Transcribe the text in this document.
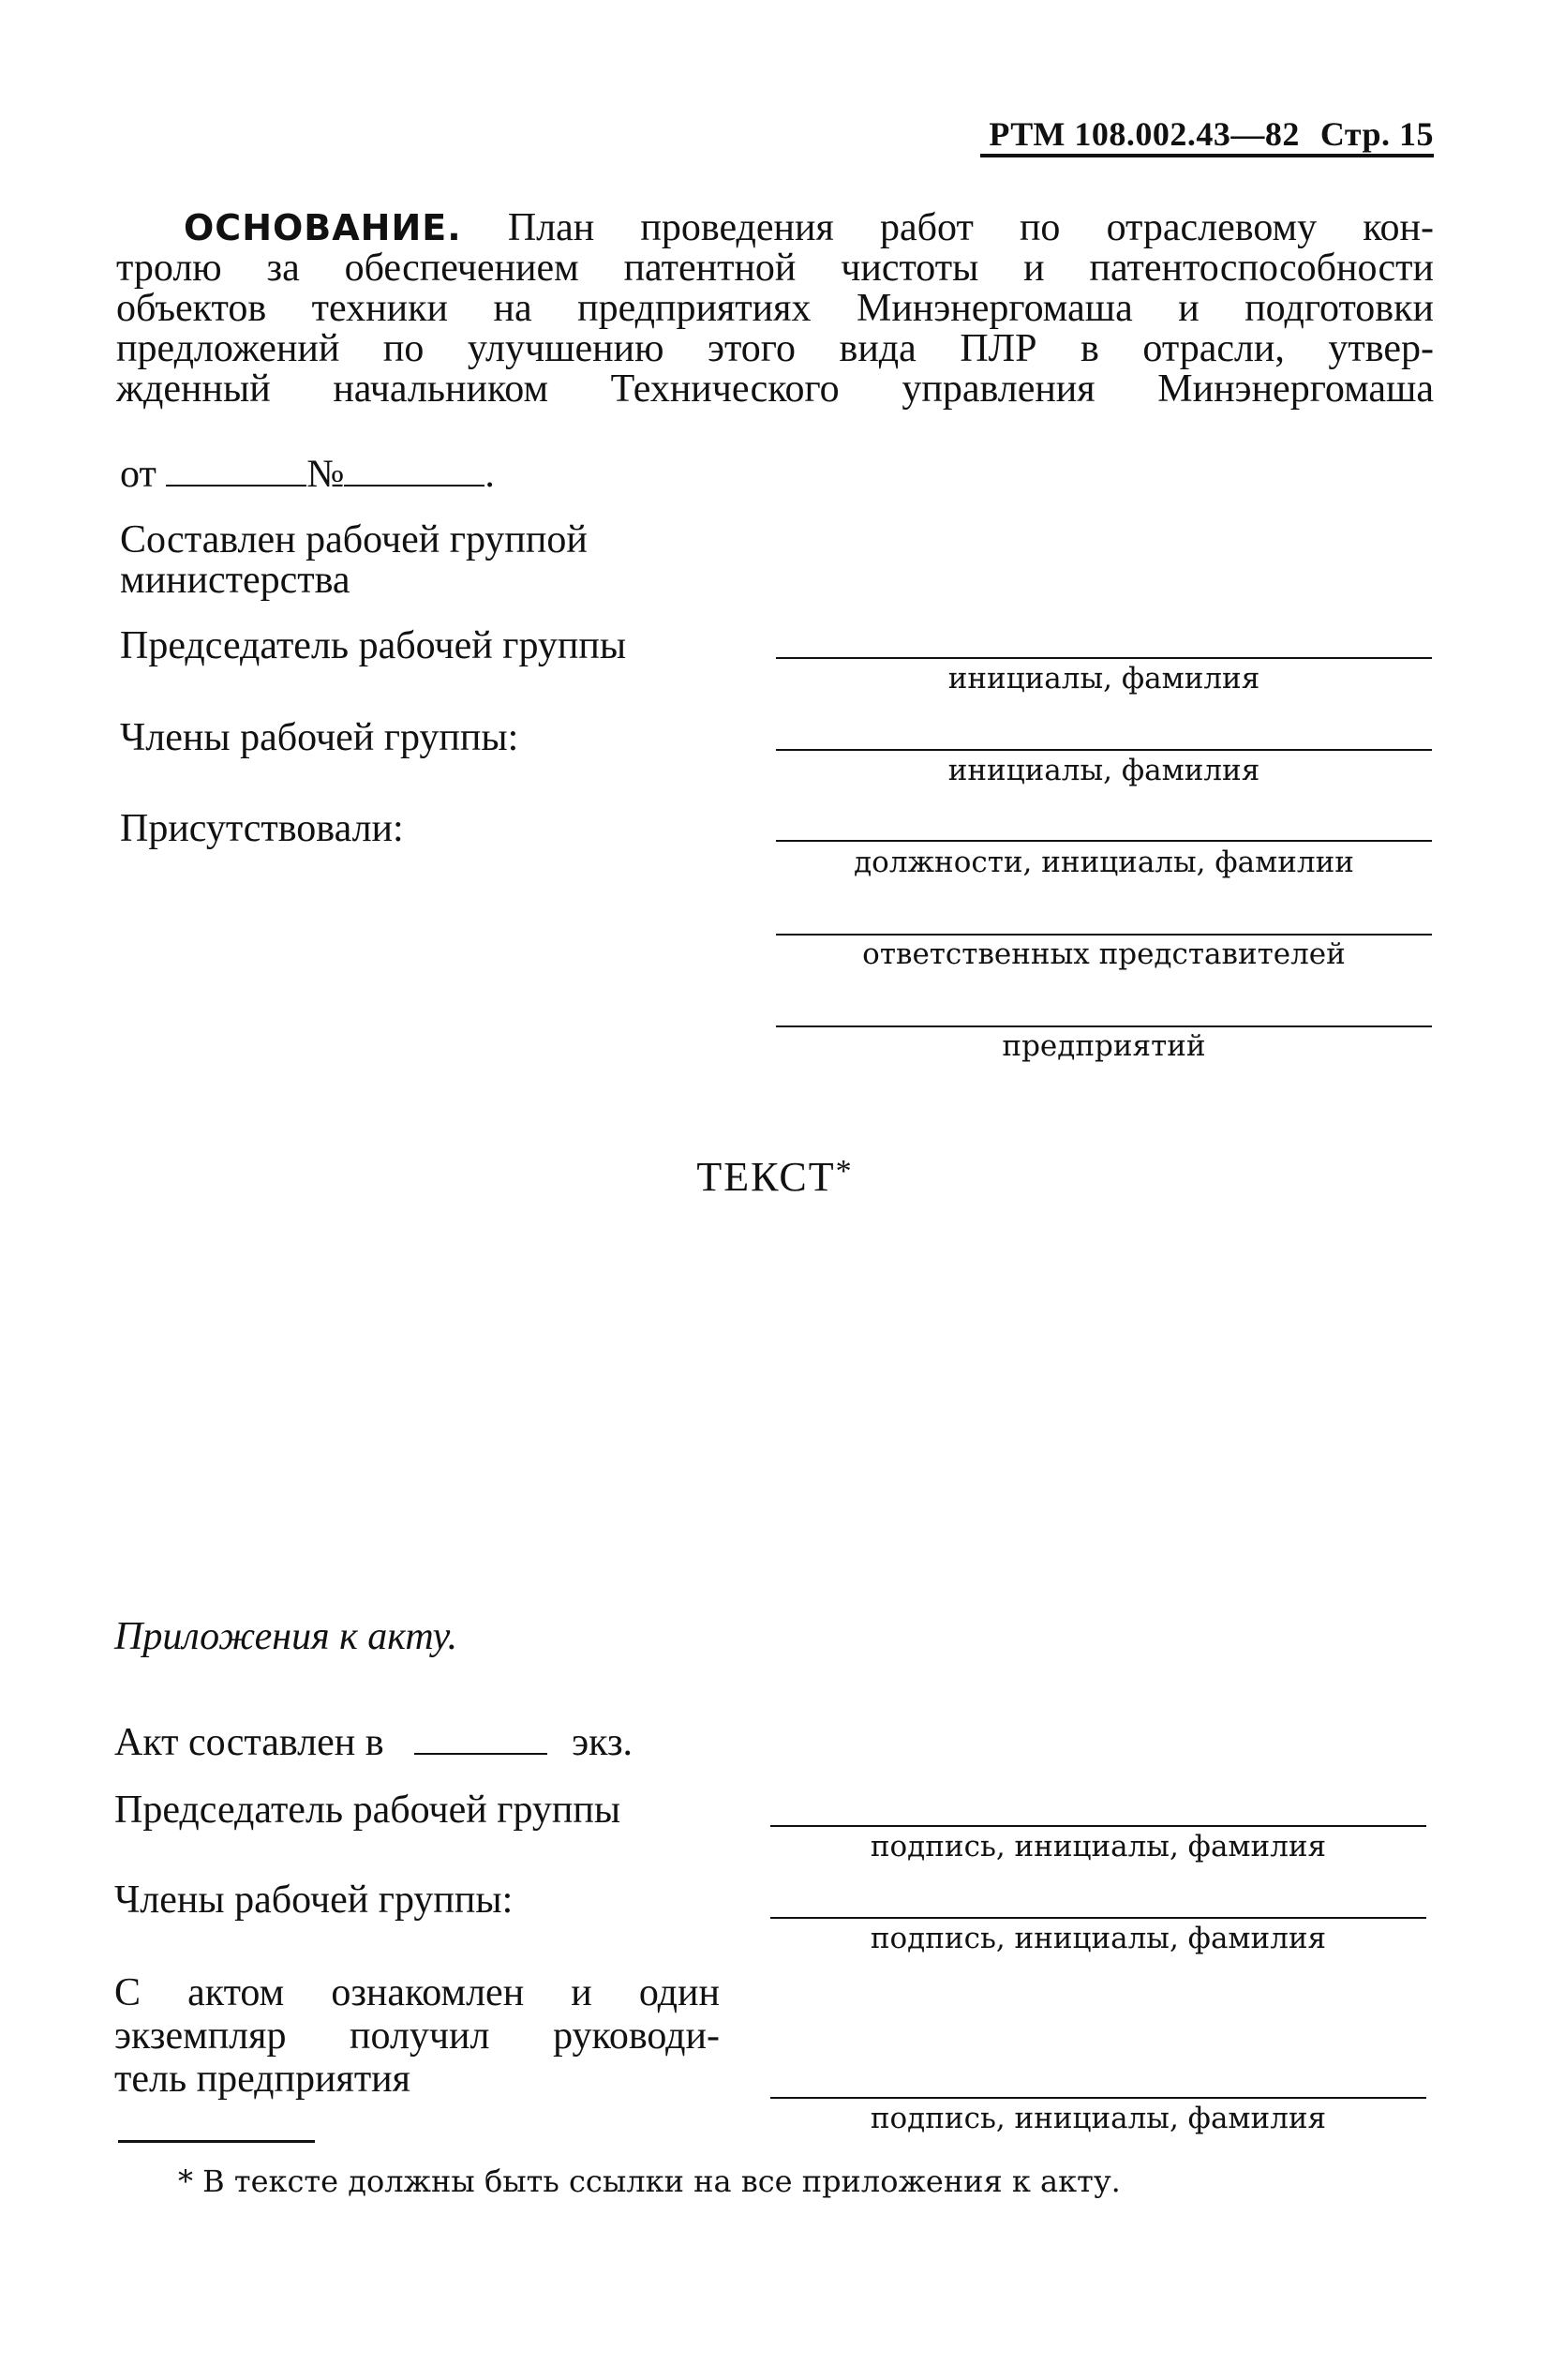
РТМ 108.002.43—82 Стр. 15
ОСНОВАНИЕ. План проведения работ по отраслевому кон-
тролю за обеспечением патентной чистоты и патентоспособности
объектов техники на предприятиях Минэнергомаша и подготовки
предложений по улучшению этого вида ПЛР в отрасли, утвер-
жденный начальником Технического управления Минэнергомаша
от	№	.
Составлен рабочей группой
министерства
Председатель рабочей группы
инициалы, фамилия
Члены рабочей группы:
инициалы, фамилия
Присутствовали:
должности, инициалы, фамилии
ответственных представителей
предприятий
ТЕКСТ*
Приложения к акту.
Акт составлен в	экз.
Председатель рабочей группы
подпись, инициалы, фамилия
Члены рабочей группы:
подпись, инициалы, фамилия
С актом ознакомлен и один
экземпляр получил руководи-
тель предприятия
подпись, инициалы, фамилия
* В тексте должны быть ссылки на все приложения к акту.
